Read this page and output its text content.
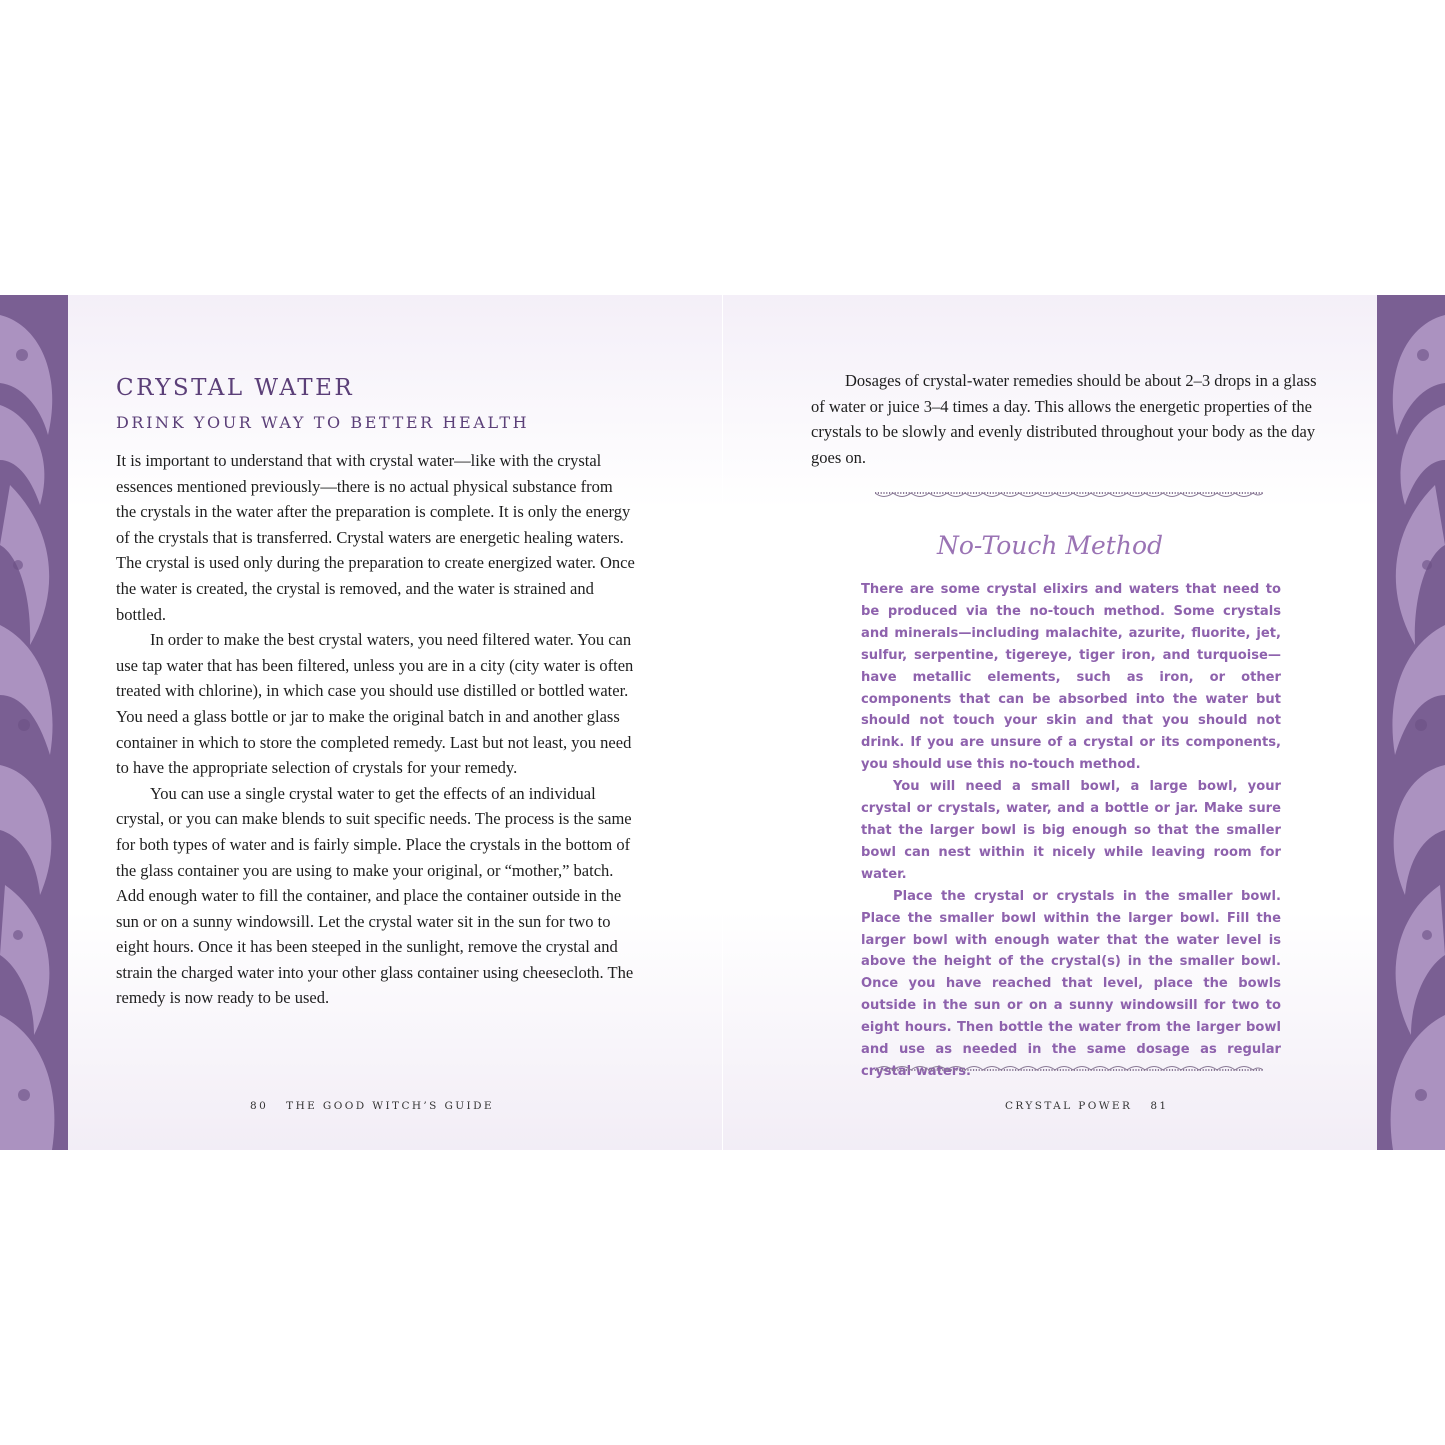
CRYSTAL WATER
DRINK YOUR WAY TO BETTER HEALTH

It is important to understand that with crystal water—like with the crystal essences mentioned previously—there is no actual physical substance from the crystals in the water after the preparation is complete. It is only the energy of the crystals that is transferred. Crystal waters are energetic healing waters. The crystal is used only during the preparation to create energized water. Once the water is created, the crystal is removed, and the water is strained and bottled.

In order to make the best crystal waters, you need filtered water. You can use tap water that has been filtered, unless you are in a city (city water is often treated with chlorine), in which case you should use distilled or bottled water. You need a glass bottle or jar to make the original batch in and another glass container in which to store the completed remedy. Last but not least, you need to have the appropriate selection of crystals for your remedy.

You can use a single crystal water to get the effects of an individual crystal, or you can make blends to suit specific needs. The process is the same for both types of water and is fairly simple. Place the crystals in the bottom of the glass container you are using to make your original, or “mother,” batch. Add enough water to fill the container, and place the container outside in the sun or on a sunny windowsill. Let the crystal water sit in the sun for two to eight hours. Once it has been steeped in the sunlight, remove the crystal and strain the charged water into your other glass container using cheesecloth. The remedy is now ready to be used.

80 THE GOOD WITCH’S GUIDE

Dosages of crystal-water remedies should be about 2–3 drops in a glass of water or juice 3–4 times a day. This allows the energetic properties of the crystals to be slowly and evenly distributed throughout your body as the day goes on.

No-Touch Method

There are some crystal elixirs and waters that need to be produced via the no-touch method. Some crystals and minerals—including malachite, azurite, fluorite, jet, sulfur, serpentine, tigereye, tiger iron, and turquoise—have metallic elements, such as iron, or other components that can be absorbed into the water but should not touch your skin and that you should not drink. If you are unsure of a crystal or its components, you should use this no-touch method.

You will need a small bowl, a large bowl, your crystal or crystals, water, and a bottle or jar. Make sure that the larger bowl is big enough so that the smaller bowl can nest within it nicely while leaving room for water.

Place the crystal or crystals in the smaller bowl. Place the smaller bowl within the larger bowl. Fill the larger bowl with enough water that the water level is above the height of the crystal(s) in the smaller bowl. Once you have reached that level, place the bowls outside in the sun or on a sunny windowsill for two to eight hours. Then bottle the water from the larger bowl and use as needed in the same dosage as regular crystal waters.

CRYSTAL POWER 81
